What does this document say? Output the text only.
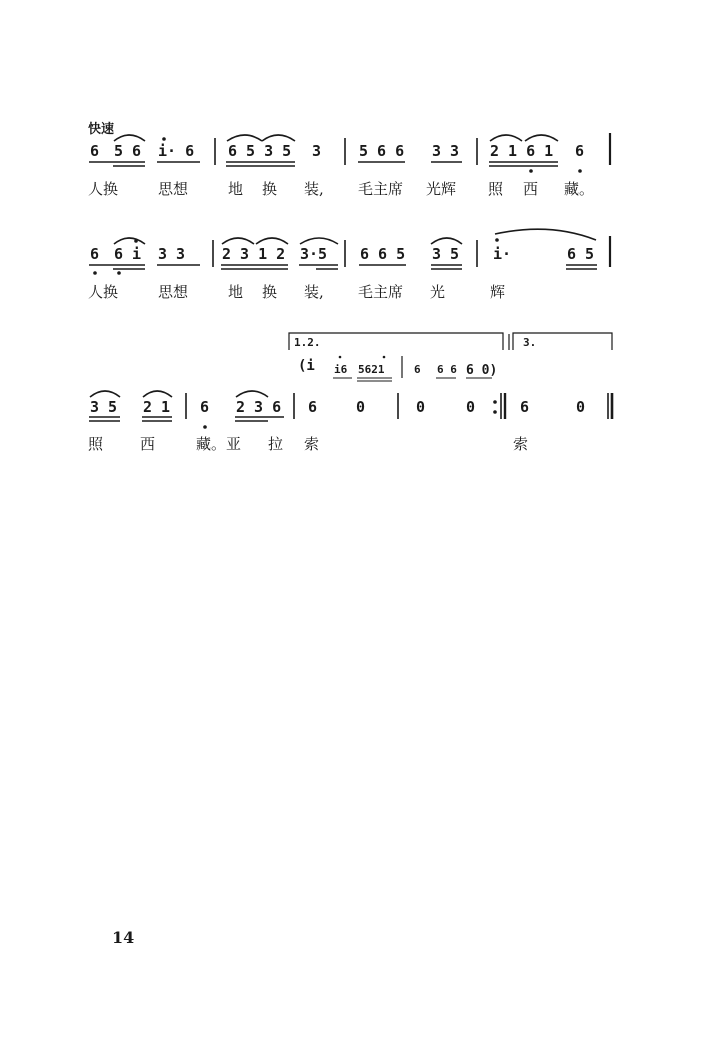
快速
6 5 6 i· 6 6 5 3 5 3	5 6 6 3 3 2 1 6 1 6
人换	思想	地 换 装, 毛主席 光辉 照 西 藏。
6 6 i 3 3 2 3 1 2 3·5 6 6 5 3 5 i·	6 5
人换	思想	地 换 装, 毛主席 光	辉
1.2.	3.
(i i6 5621	6 6 6 6 0)
3 5 2 1 6 2 3 6 6	0	0	0	6	0
照 西	藏。亚 拉 索	索
14
